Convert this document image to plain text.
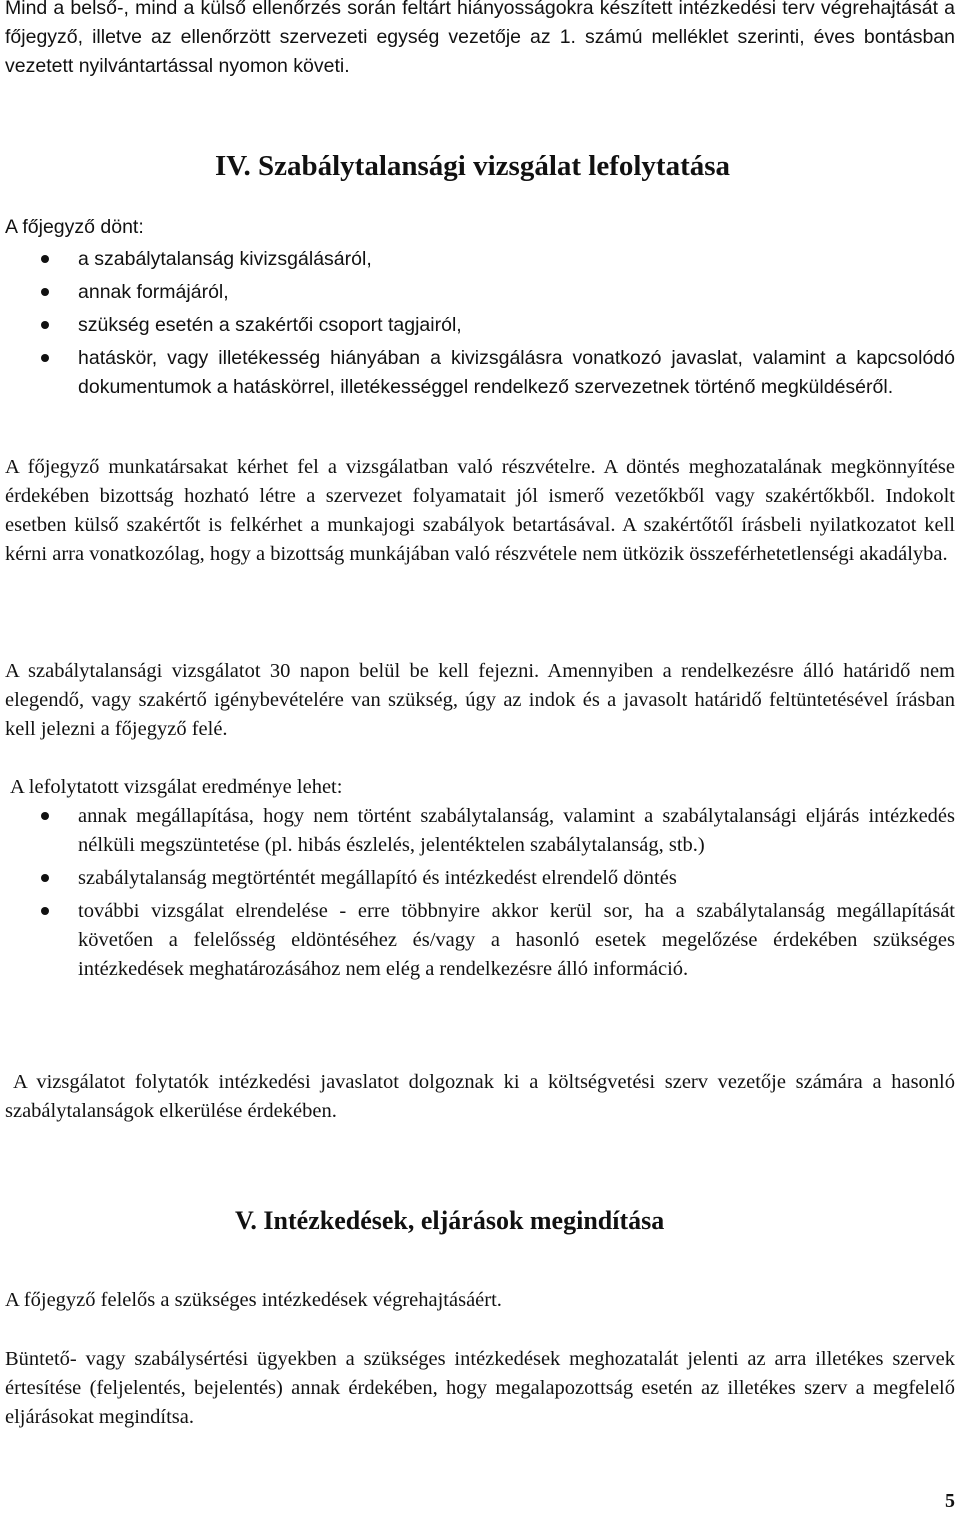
Mind a belső-, mind a külső ellenőrzés során feltárt hiányosságokra készített intézkedési terv végrehajtását a főjegyző, illetve az ellenőrzött szervezeti egység vezetője az 1. számú melléklet szerinti, éves bontásban vezetett nyilvántartással nyomon követi.

IV. Szabálytalansági vizsgálat lefolytatása
A főjegyző dönt:
a szabálytalanság kivizsgálásáról,
annak formájáról,
szükség esetén a szakértői csoport tagjairól,
hatáskör, vagy illetékesség hiányában a kivizsgálásra vonatkozó javaslat, valamint a kapcsolódó dokumentumok a hatáskörrel, illetékességgel rendelkező szervezetnek történő megküldéséről.

A főjegyző munkatársakat kérhet fel a vizsgálatban való részvételre. A döntés meghozatalának megkönnyítése érdekében bizottság hozható létre a szervezet folyamatait jól ismerő vezetőkből vagy szakértőkből. Indokolt esetben külső szakértőt is felkérhet a munkajogi szabályok betartásával. A szakértőtől írásbeli nyilatkozatot kell kérni arra vonatkozólag, hogy a bizottság munkájában való részvétele nem ütközik összeférhetetlenségi akadályba.

A szabálytalansági vizsgálatot 30 napon belül be kell fejezni. Amennyiben a rendelkezésre álló határidő nem elegendő, vagy szakértő igénybevételére van szükség, úgy az indok és a javasolt határidő feltüntetésével írásban kell jelezni a főjegyző felé.

A lefolytatott vizsgálat eredménye lehet:
annak megállapítása, hogy nem történt szabálytalanság, valamint a szabálytalansági eljárás intézkedés nélküli megszüntetése (pl. hibás észlelés, jelentéktelen szabálytalanság, stb.)
szabálytalanság megtörténtét megállapító és intézkedést elrendelő döntés
további vizsgálat elrendelése - erre többnyire akkor kerül sor, ha a szabálytalanság megállapítását követően a felelősség eldöntéséhez és/vagy a hasonló esetek megelőzése érdekében szükséges intézkedések meghatározásához nem elég a rendelkezésre álló információ.

A vizsgálatot folytatók intézkedési javaslatot dolgoznak ki a költségvetési szerv vezetője számára a hasonló szabálytalanságok elkerülése érdekében.

V. Intézkedések, eljárások megindítása

A főjegyző felelős a szükséges intézkedések végrehajtásáért.

Büntető- vagy szabálysértési ügyekben a szükséges intézkedések meghozatalát jelenti az arra illetékes szervek értesítése (feljelentés, bejelentés) annak érdekében, hogy megalapozottság esetén az illetékes szerv a megfelelő eljárásokat megindítsa.

5
